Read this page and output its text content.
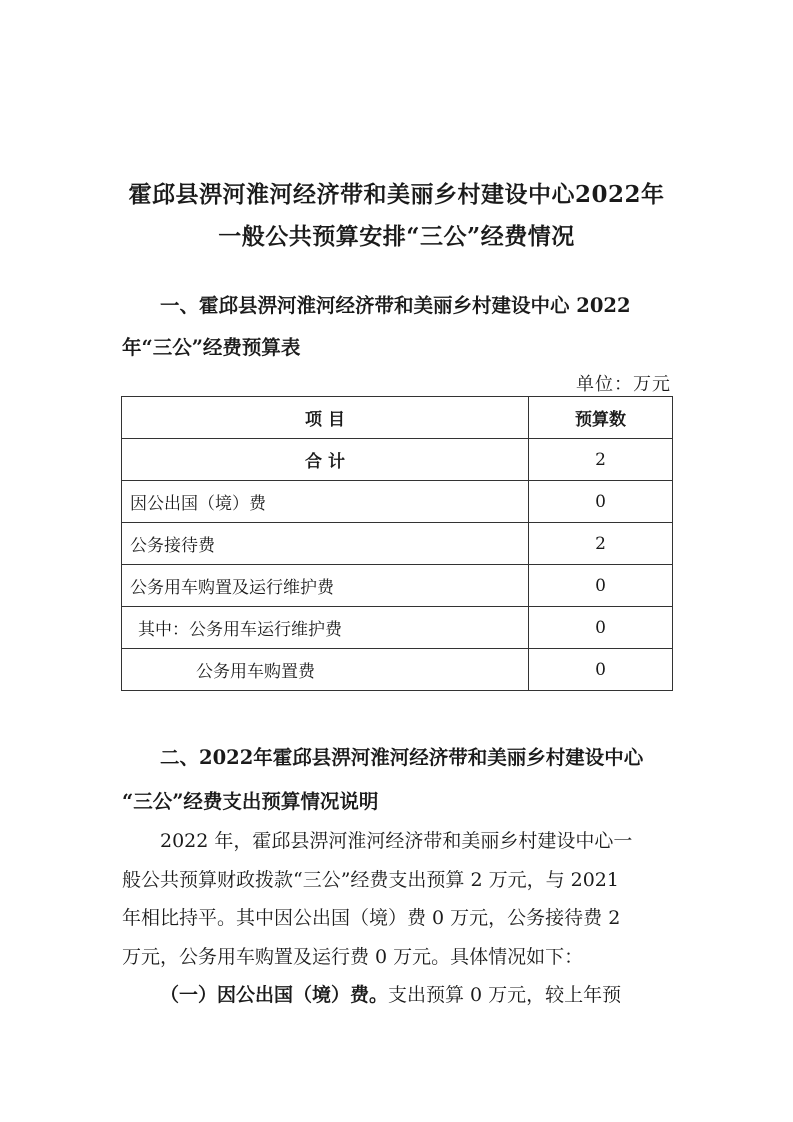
霍邱县淠河淮河经济带和美丽乡村建设中心2022年
一般公共预算安排“三公”经费情况
一、霍邱县淠河淮河经济带和美丽乡村建设中心 2022
年“三公”经费预算表
单位：万元
项 目	预算数
合 计	2
因公出国（境）费	0
公务接待费	2
公务用车购置及运行维护费	0
其中：公务用车运行维护费	0
公务用车购置费	0
二、2022年霍邱县淠河淮河经济带和美丽乡村建设中心
“三公”经费支出预算情况说明
2022 年，霍邱县淠河淮河经济带和美丽乡村建设中心一
般公共预算财政拨款“三公”经费支出预算 2 万元，与 2021
年相比持平。其中因公出国（境）费 0 万元，公务接待费 2
万元，公务用车购置及运行费 0 万元。具体情况如下：
（一）因公出国（境）费。支出预算 0 万元，较上年预
